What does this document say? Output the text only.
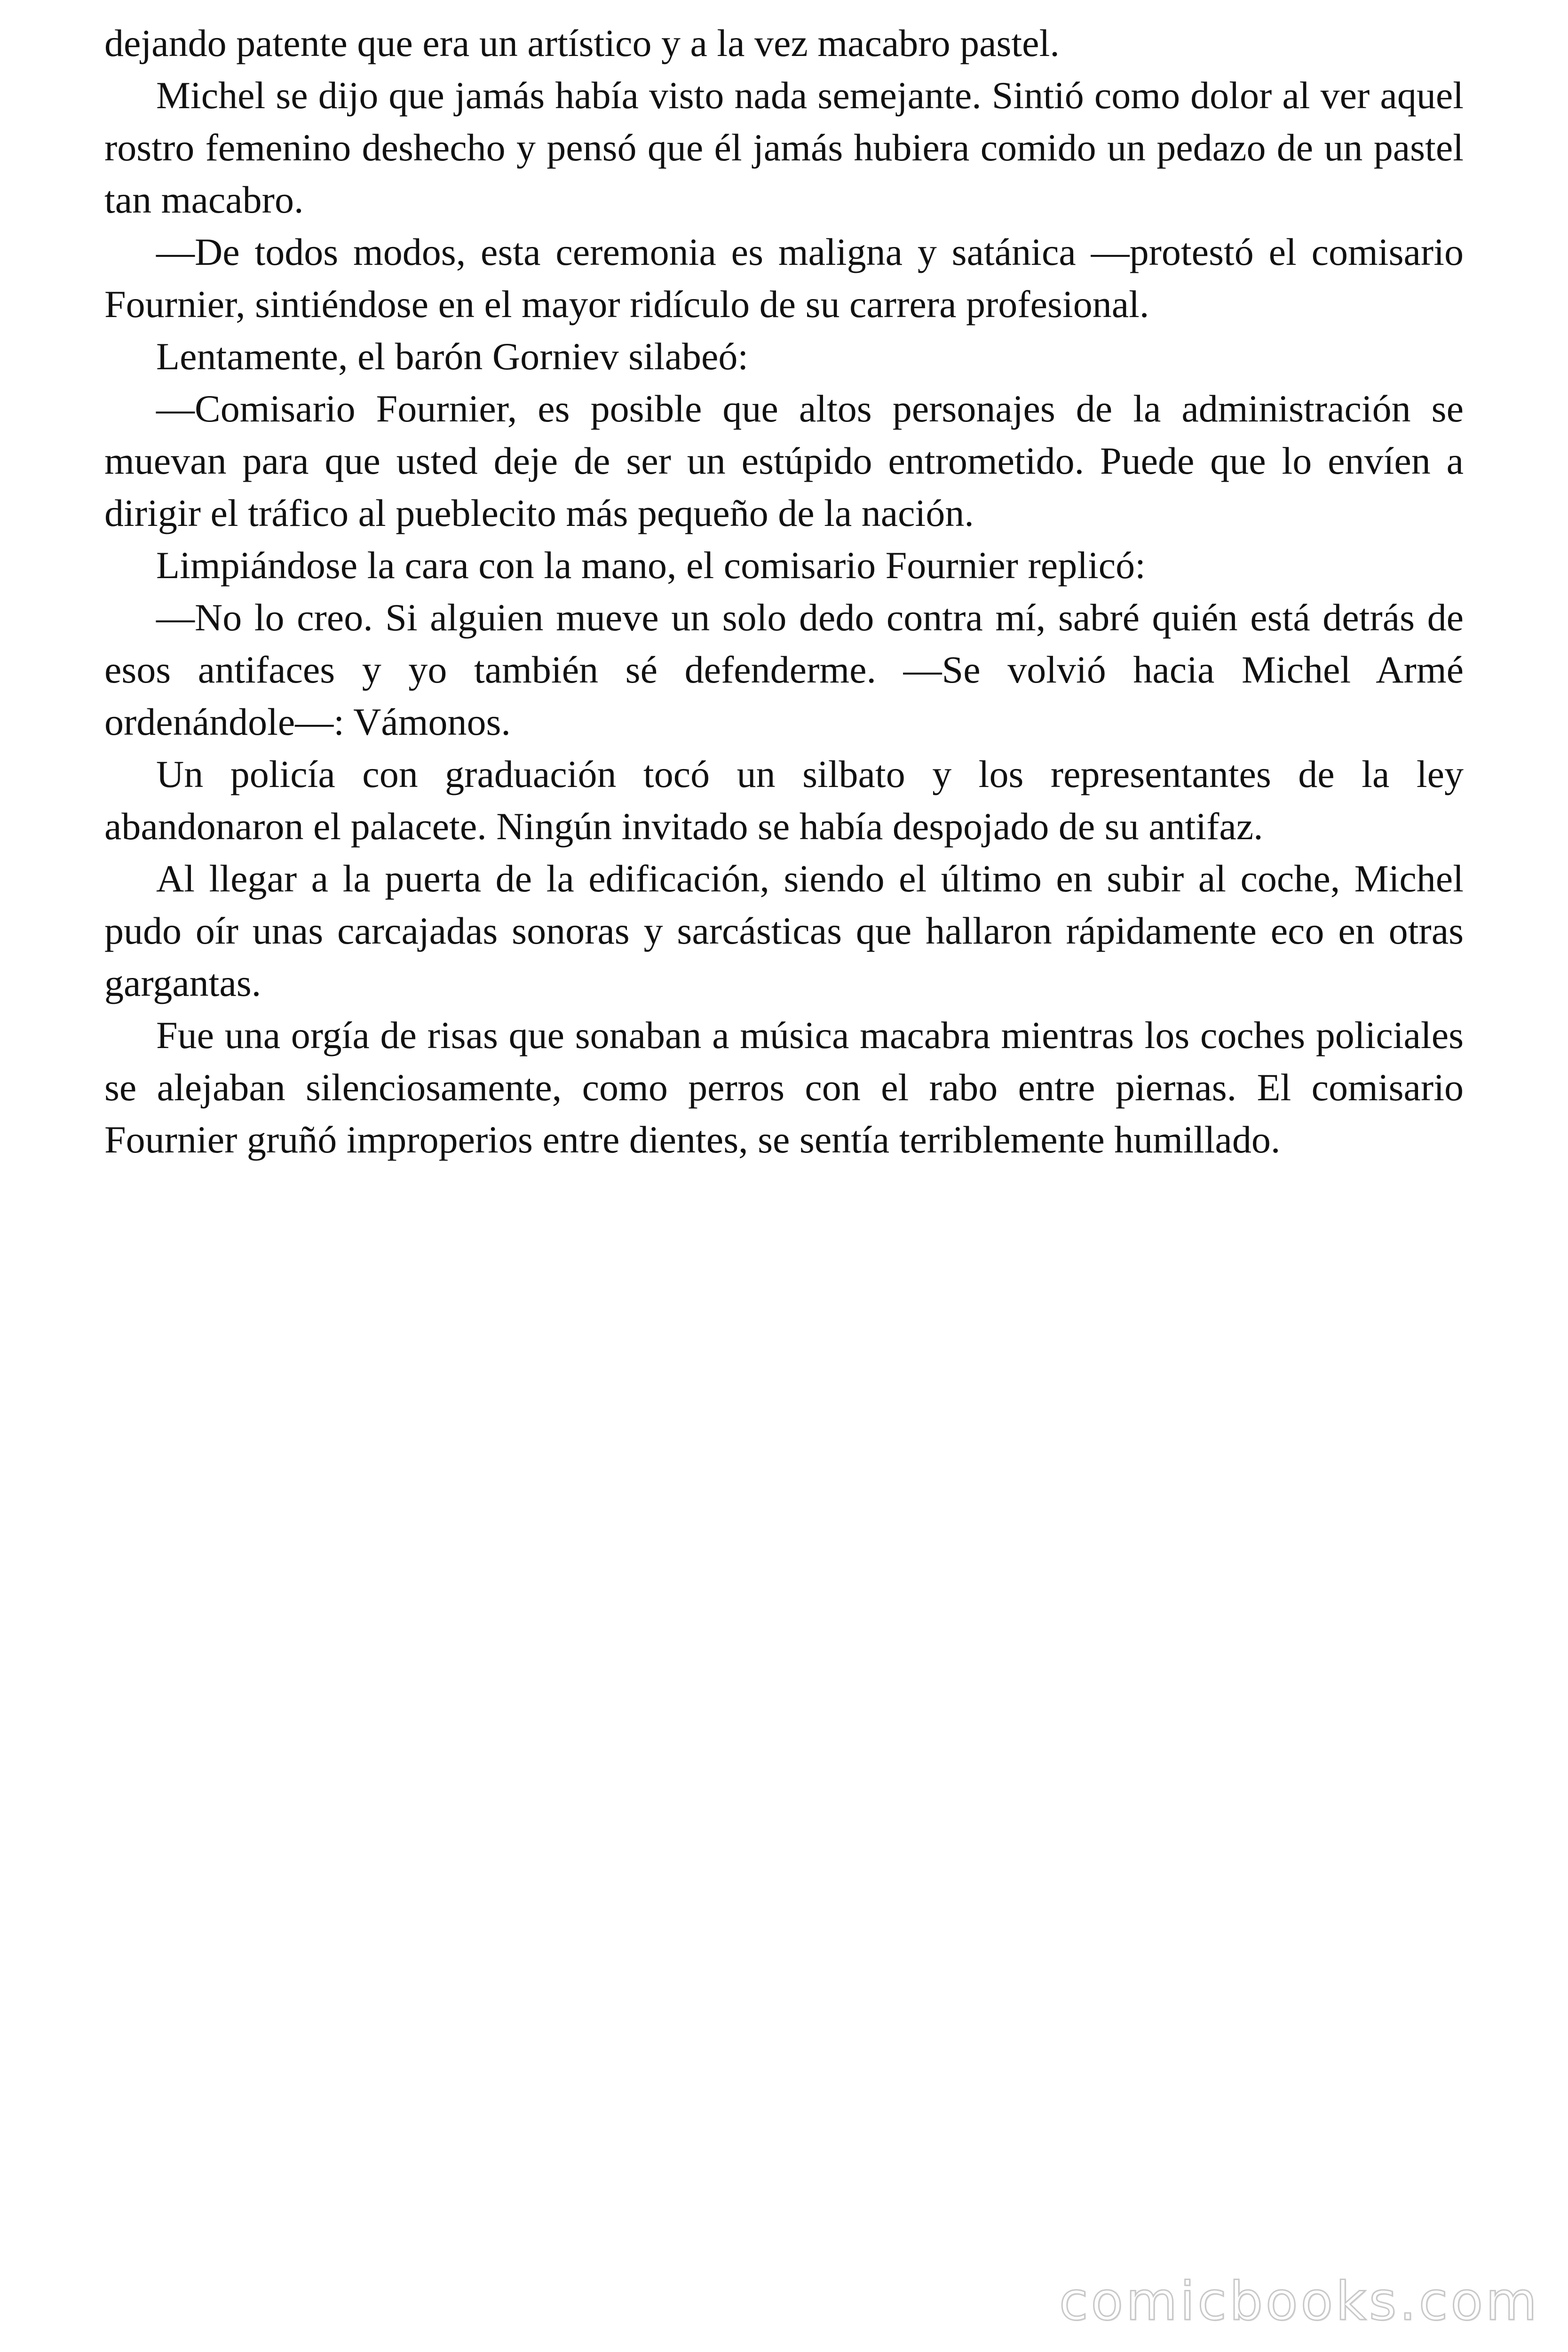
dejando patente que era un artístico y a la vez macabro pastel.

Michel se dijo que jamás había visto nada semejante. Sintió como dolor al ver aquel rostro femenino deshecho y pensó que él jamás hubiera comido un pedazo de un pastel tan macabro.

—De todos modos, esta ceremonia es maligna y satánica —protestó el comisario Fournier, sintiéndose en el mayor ridículo de su carrera profesional.

Lentamente, el barón Gorniev silabeó:

—Comisario Fournier, es posible que altos personajes de la administración se muevan para que usted deje de ser un estúpido entrometido. Puede que lo envíen a dirigir el tráfico al pueblecito más pequeño de la nación.

Limpiándose la cara con la mano, el comisario Fournier replicó:

—No lo creo. Si alguien mueve un solo dedo contra mí, sabré quién está detrás de esos antifaces y yo también sé defenderme. —Se volvió hacia Michel Armé ordenándole—: Vámonos.

Un policía con graduación tocó un silbato y los representantes de la ley abandonaron el palacete. Ningún invitado se había despojado de su antifaz.

Al llegar a la puerta de la edificación, siendo el último en subir al coche, Michel pudo oír unas carcajadas sonoras y sarcásticas que hallaron rápidamente eco en otras gargantas.

Fue una orgía de risas que sonaban a música macabra mientras los coches policiales se alejaban silenciosamente, como perros con el rabo entre piernas. El comisario Fournier gruñó improperios entre dientes, se sentía terriblemente humillado.

comicbooks.com
